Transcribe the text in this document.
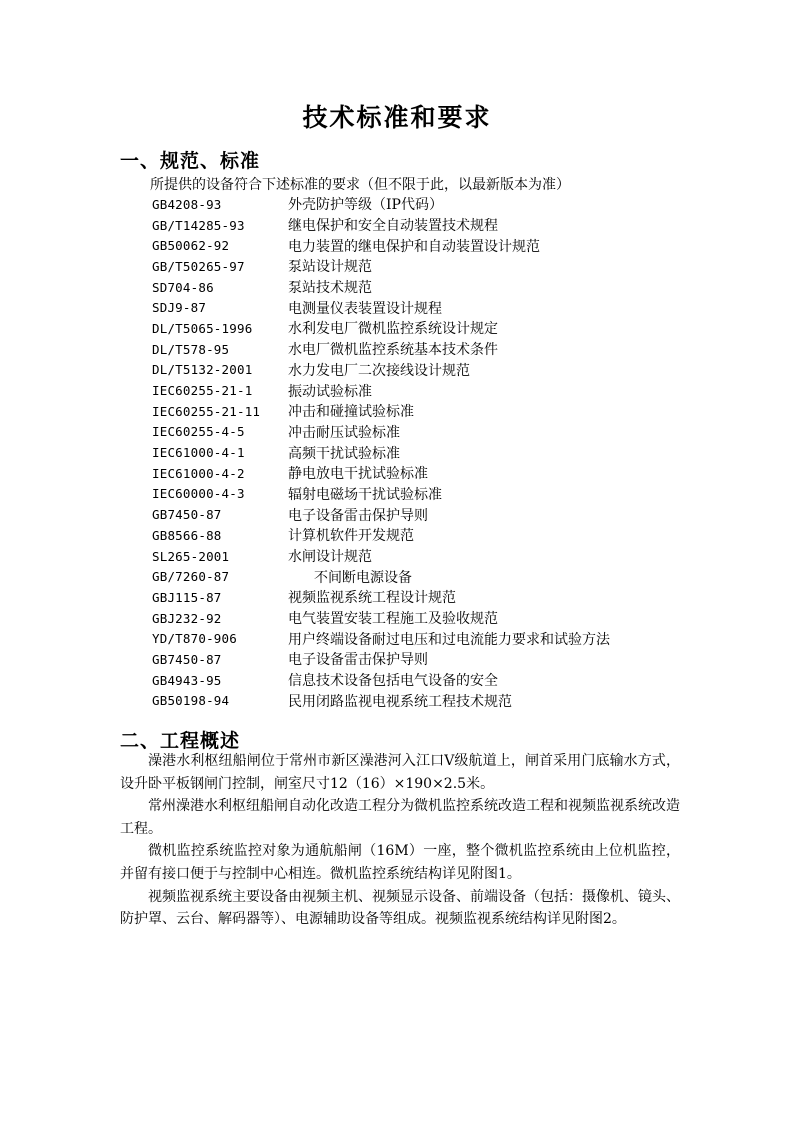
技术标准和要求
一、规范、标准
所提供的设备符合下述标准的要求（但不限于此，以最新版本为准）
GB4208-93	外壳防护等级（IP代码）
GB/T14285-93	继电保护和安全自动装置技术规程
GB50062-92	电力装置的继电保护和自动装置设计规范
GB/T50265-97	泵站设计规范
SD704-86	泵站技术规范
SDJ9-87	电测量仪表装置设计规程
DL/T5065-1996	水利发电厂微机监控系统设计规定
DL/T578-95	水电厂微机监控系统基本技术条件
DL/T5132-2001	水力发电厂二次接线设计规范
IEC60255-21-1	振动试验标准
IEC60255-21-11	冲击和碰撞试验标准
IEC60255-4-5	冲击耐压试验标准
IEC61000-4-1	高频干扰试验标准
IEC61000-4-2	静电放电干扰试验标准
IEC60000-4-3	辐射电磁场干扰试验标准
GB7450-87	电子设备雷击保护导则
GB8566-88	计算机软件开发规范
SL265-2001	水闸设计规范
GB/7260-87	不间断电源设备
GBJ115-87	视频监视系统工程设计规范
GBJ232-92	电气装置安装工程施工及验收规范
YD/T870-906	用户终端设备耐过电压和过电流能力要求和试验方法
GB7450-87	电子设备雷击保护导则
GB4943-95	信息技术设备包括电气设备的安全
GB50198-94	民用闭路监视电视系统工程技术规范
二、工程概述

澡港水利枢纽船闸位于常州市新区澡港河入江口Ⅴ级航道上，闸首采用门底输水方式，设升卧平板钢闸门控制，闸室尺寸12（16）×190×2.5米。

常州澡港水利枢纽船闸自动化改造工程分为微机监控系统改造工程和视频监视系统改造工程。

微机监控系统监控对象为通航船闸（16M）一座，整个微机监控系统由上位机监控，并留有接口便于与控制中心相连。微机监控系统结构详见附图1。

视频监视系统主要设备由视频主机、视频显示设备、前端设备（包括：摄像机、镜头、防护罩、云台、解码器等）、电源辅助设备等组成。视频监视系统结构详见附图2。
